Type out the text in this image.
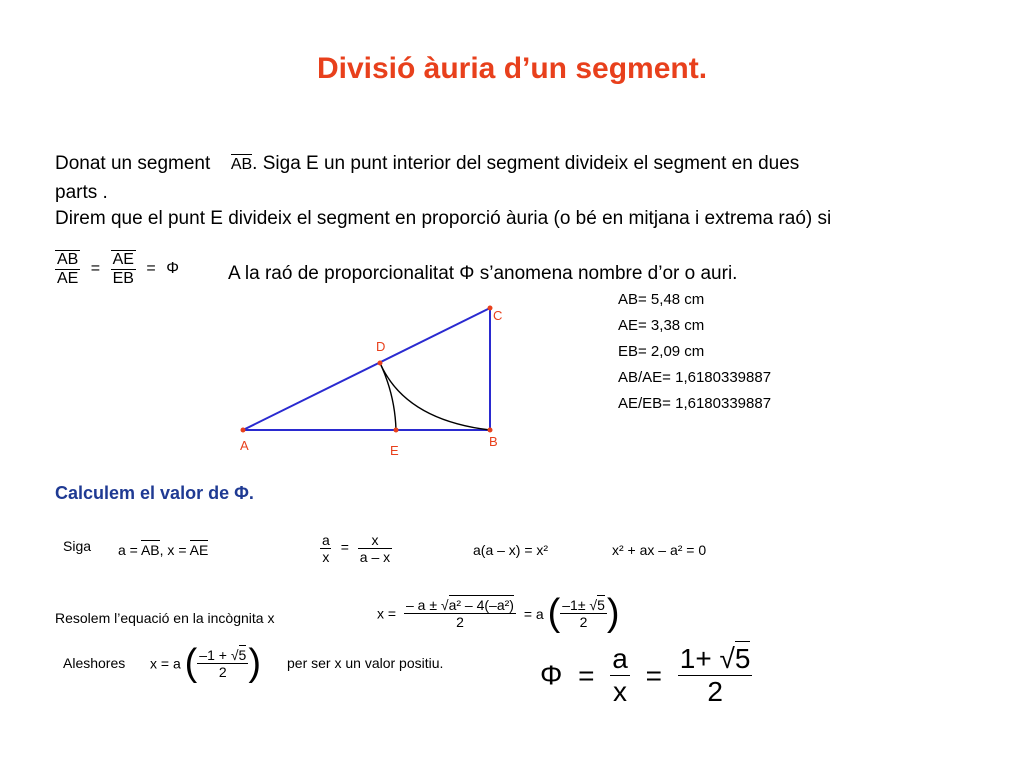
Divisió àuria d’un segment.
Donat un segment AB. Siga E un punt interior del segment divideix el segment en dues
parts .
Direm que el punt E divideix el segment en proporció àuria (o bé en mitjana i extrema raó) si
$\frac{AB}{AE} = \frac{AE}{EB} = \Phi$	A la raó de proporcionalitat Φ s’anomena nombre d’or o auri.
A	B
C
D
E
AB= 5,48 cm
AE= 3,38 cm
EB= 2,09 cm
AB/AE= 1,6180339887
AE/EB= 1,6180339887
Calculem el valor de Φ.
Siga a = AB, x = AE	$\frac{a}{x} = \frac{x}{a - x}$	a(a – x) = x²	x² + ax – a² = 0
Resolem l’equació en la incògnita x	$x = \frac{\text{– a ± √a² – 4(–a²)}}{2} = a$ ( $\frac{-1\pm √5}{2}$ )
Aleshores x = a ( $\frac{-1 + √5}{2}$ ) per ser x un valor positiu.	$\Phi = \frac{a}{x} = \frac{1+ √5}{2}$
